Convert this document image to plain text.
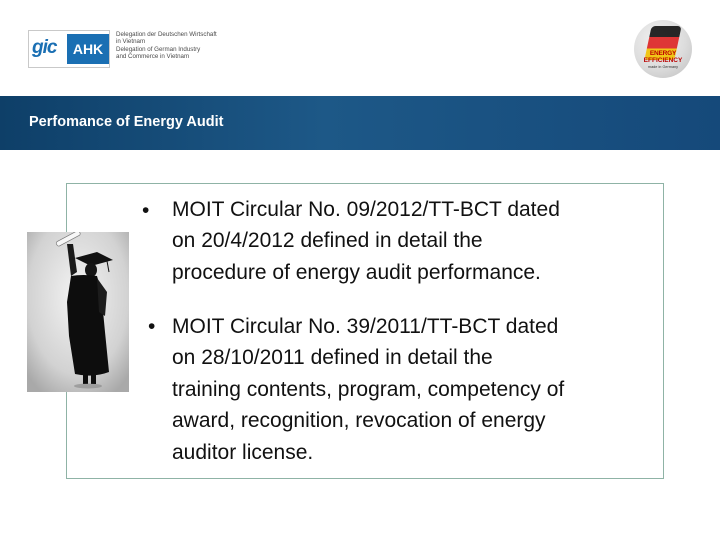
gic	AHK
Delegation der Deutschen Wirtschaft
in Vietnam
Delegation of German Industry
and Commerce in Vietnam	ENERGY
EFFICIENCY
made in Germany
Perfomance of Energy Audit
• MOIT Circular No. 09/2012/TT-BCT dated
on 20/4/2012 defined in detail the
procedure of energy audit performance.
• MOIT Circular No. 39/2011/TT-BCT dated
on 28/10/2011 defined in detail the
training contents, program, competency of
award, recognition, revocation of energy
auditor license.
